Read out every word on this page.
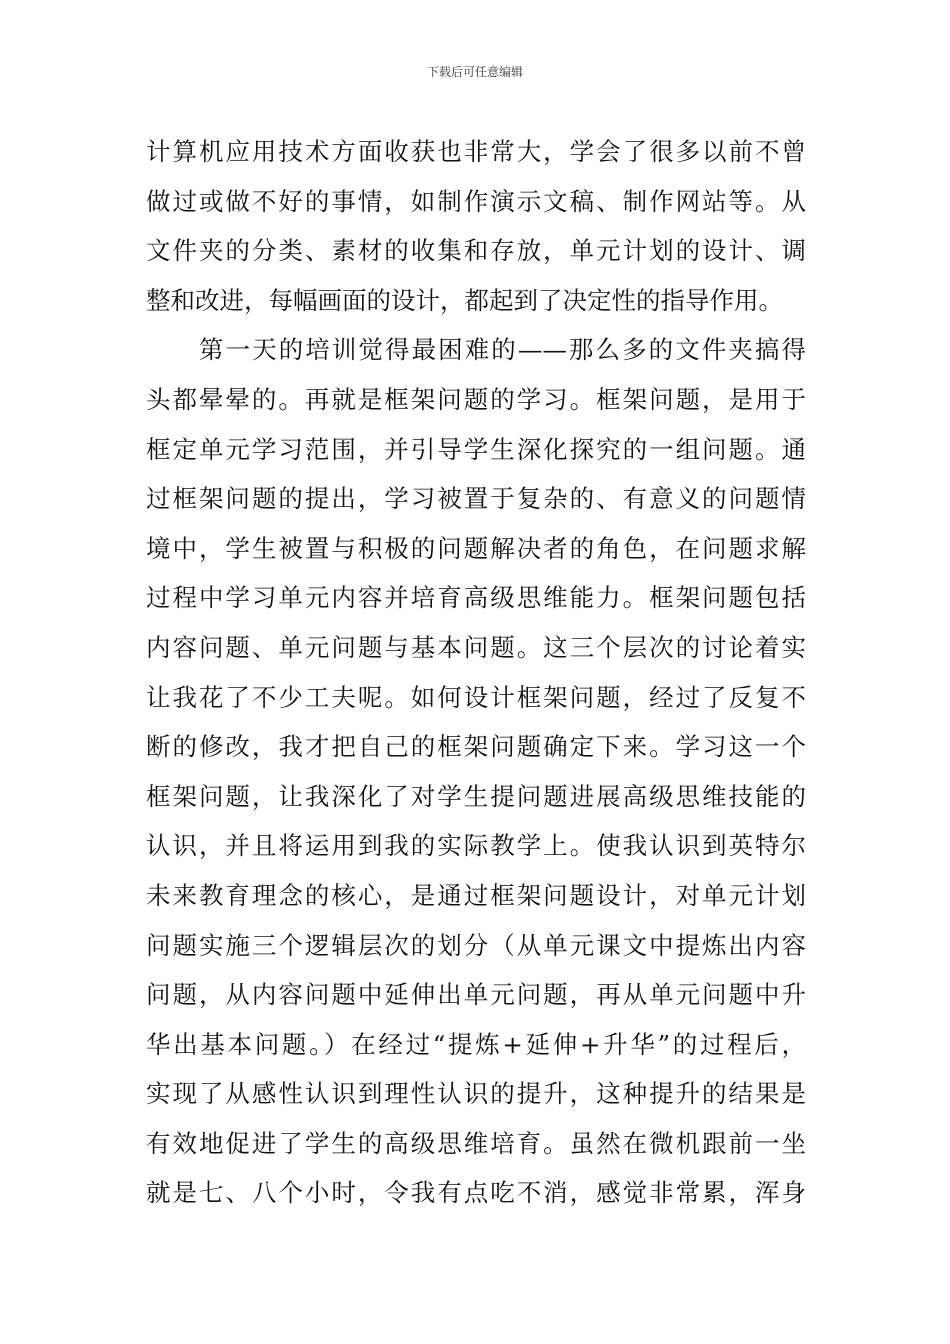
下载后可任意编辑
计算机应用技术方面收获也非常大，学会了很多以前不曾
做过或做不好的事情，如制作演示文稿、制作网站等。从
文件夹的分类、素材的收集和存放，单元计划的设计、调
整和改进，每幅画面的设计，都起到了决定性的指导作用。
第一天的培训觉得最困难的——那么多的文件夹搞得
头都晕晕的。再就是框架问题的学习。框架问题，是用于
框定单元学习范围，并引导学生深化探究的一组问题。通
过框架问题的提出，学习被置于复杂的、有意义的问题情
境中，学生被置与积极的问题解决者的角色，在问题求解
过程中学习单元内容并培育高级思维能力。框架问题包括
内容问题、单元问题与基本问题。这三个层次的讨论着实
让我花了不少工夫呢。如何设计框架问题，经过了反复不
断的修改，我才把自己的框架问题确定下来。学习这一个
框架问题，让我深化了对学生提问题进展高级思维技能的
认识，并且将运用到我的实际教学上。使我认识到英特尔
未来教育理念的核心，是通过框架问题设计，对单元计划
问题实施三个逻辑层次的划分（从单元课文中提炼出内容
问题，从内容问题中延伸出单元问题，再从单元问题中升
华出基本问题。）在经过“提炼+延伸+升华”的过程后，
实现了从感性认识到理性认识的提升，这种提升的结果是
有效地促进了学生的高级思维培育。虽然在微机跟前一坐
就是七、八个小时，令我有点吃不消，感觉非常累，浑身
